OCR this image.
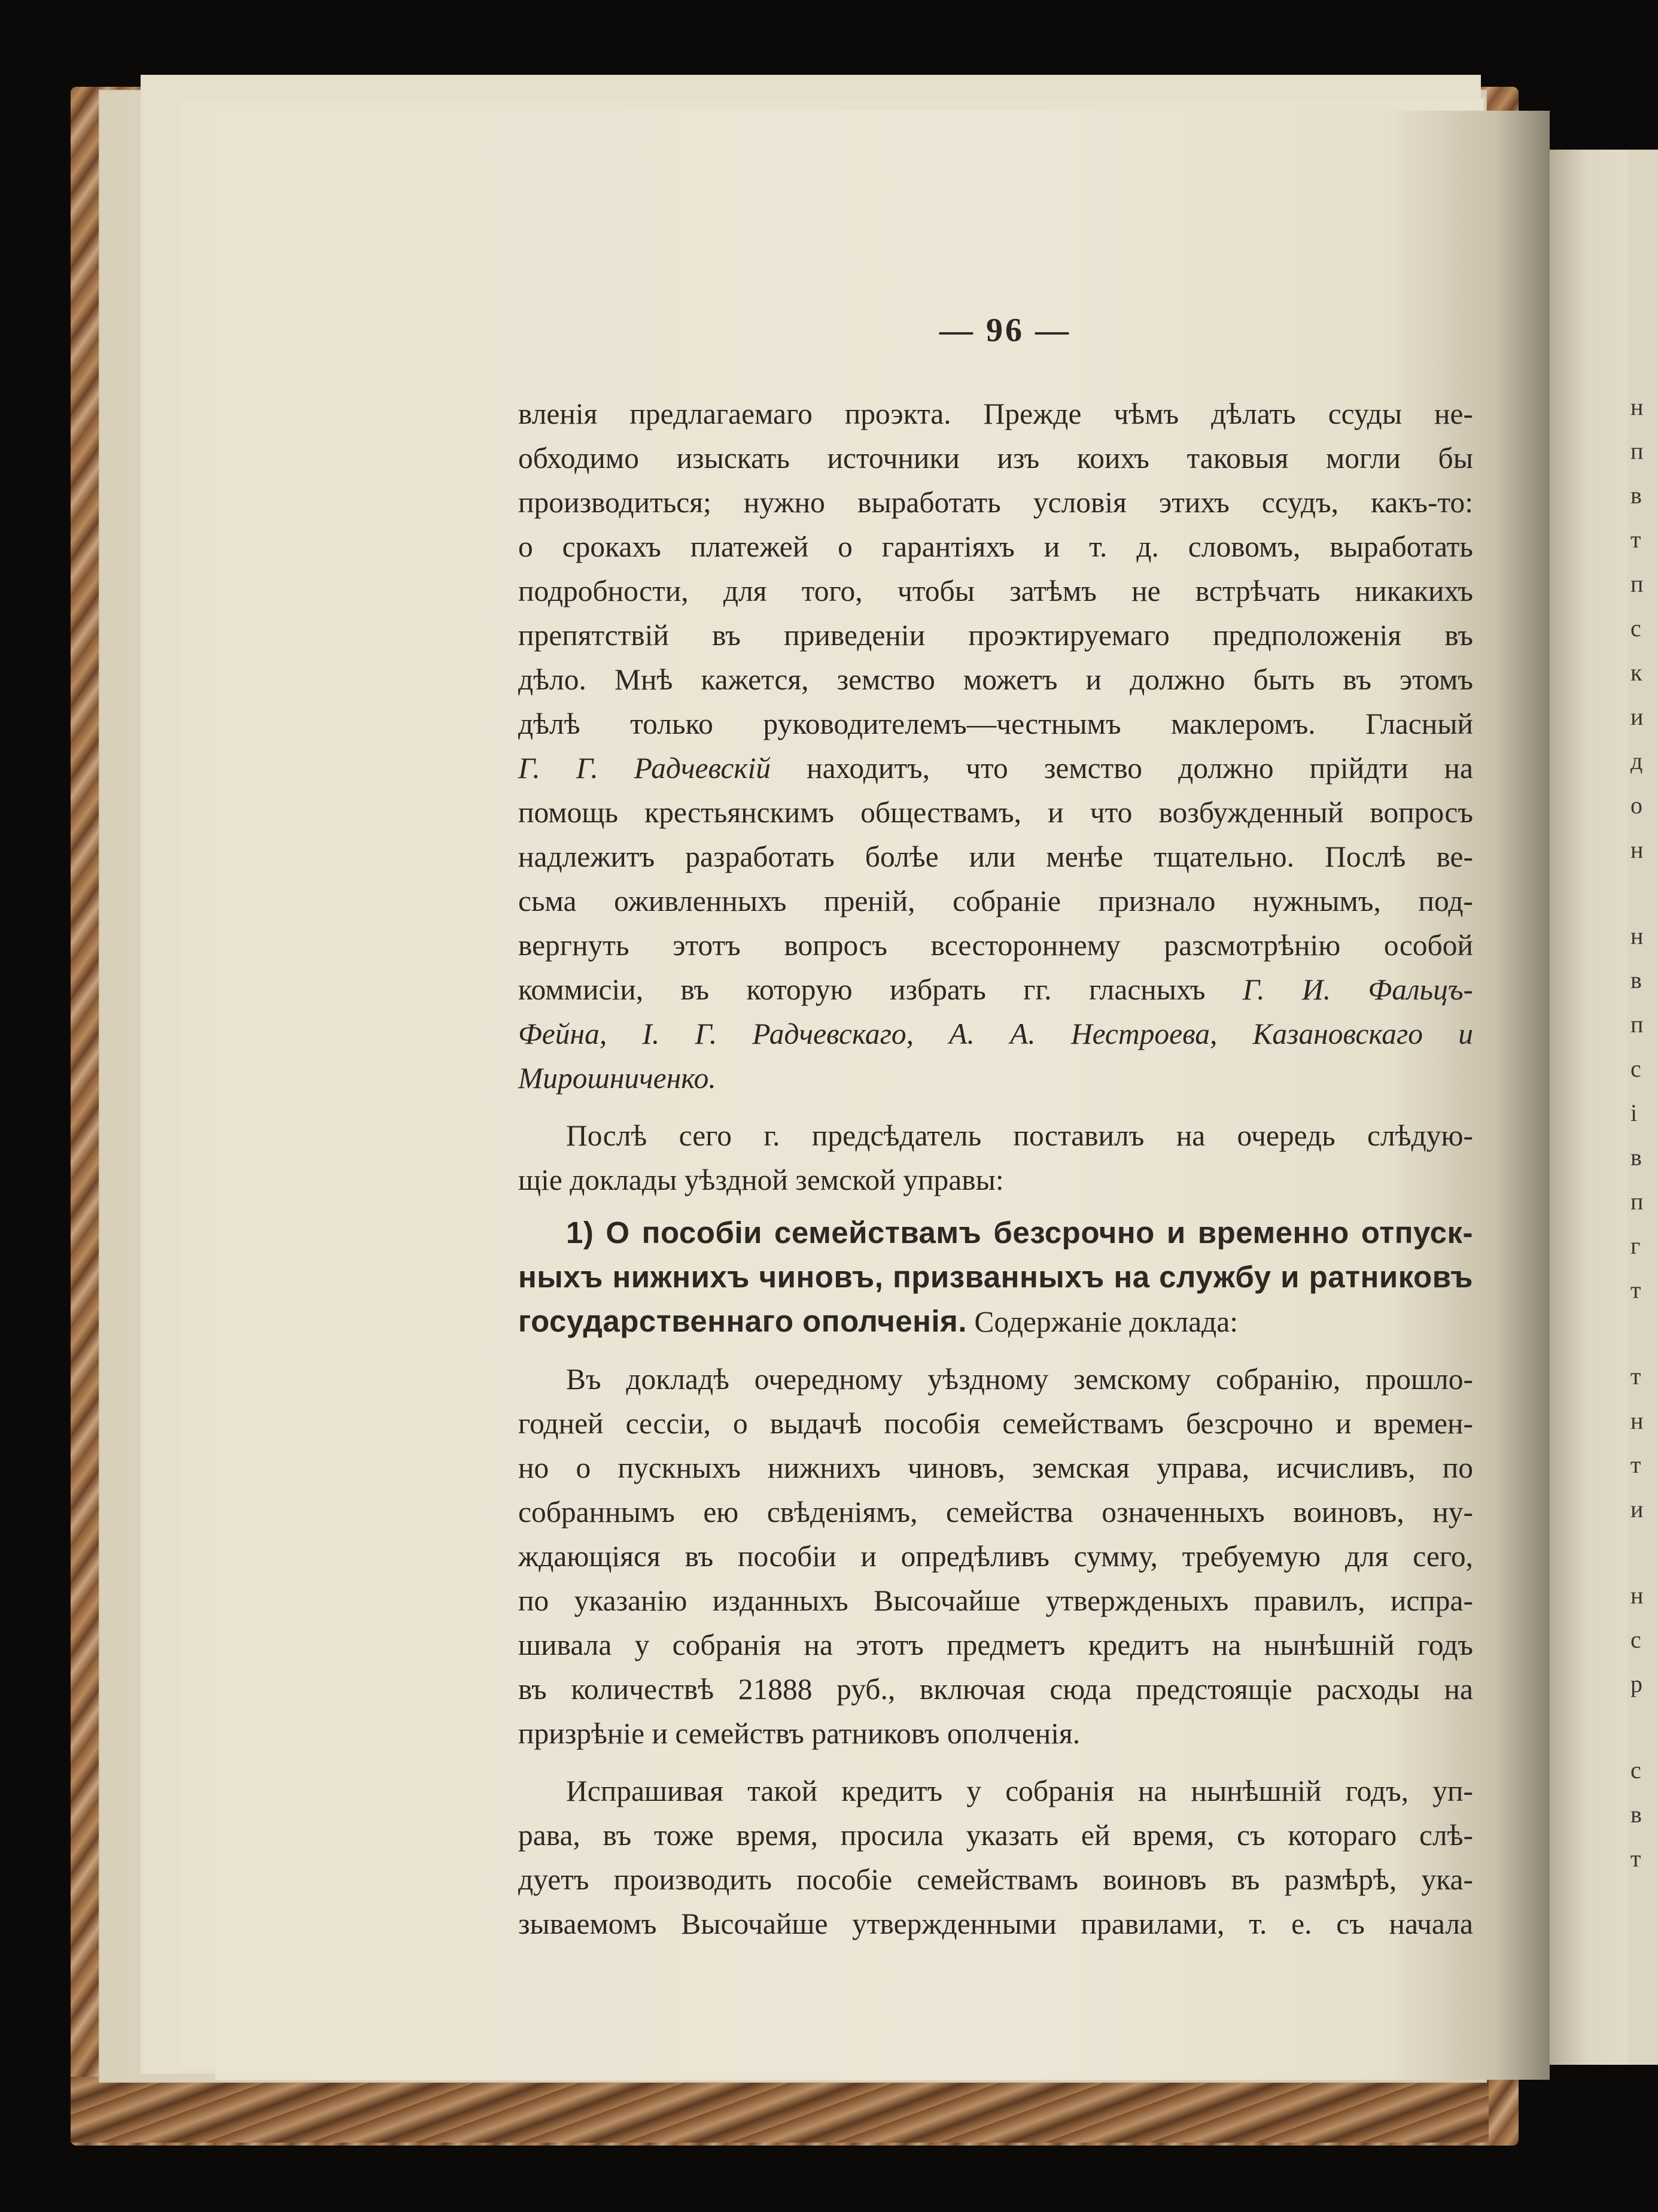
н
п
в
т
п
с
к
и
д
о
н
н
в
п
с
і
в
п
г
т
т
н
т
и
н
с
р
с
в
т
— 96 —
вленія предлагаемаго проэкта. Прежде чѣмъ дѣлать ссуды не-
обходимо изыскать источники изъ коихъ таковыя могли бы
производиться; нужно выработать условія этихъ ссудъ, какъ-то:
о срокахъ платежей о гарантіяхъ и т. д. словомъ, выработать
подробности, для того, чтобы затѣмъ не встрѣчать никакихъ
препятствій въ приведеніи проэктируемаго предположенія въ
дѣло. Мнѣ кажется, земство можетъ и должно быть въ этомъ
дѣлѣ только руководителемъ—честнымъ маклеромъ. Гласный
Г. Г. Радчевскій находитъ, что земство должно прійдти на
помощь крестьянскимъ обществамъ, и что возбужденный вопросъ
надлежитъ разработать болѣе или менѣе тщательно. Послѣ ве-
сьма оживленныхъ преній, собраніе признало нужнымъ, под-
вергнуть этотъ вопросъ всестороннему разсмотрѣнію особой
коммисіи, въ которую избрать гг. гласныхъ Г. И. Фальцъ-
Фейна, І. Г. Радчевскаго, А. А. Нестроева, Казановскаго и
Мирошниченко.
Послѣ сего г. предсѣдатель поставилъ на очередь слѣдую-
щіе доклады уѣздной земской управы:
1) О пособіи семействамъ безсрочно и временно отпуск-
ныхъ нижнихъ чиновъ, призванныхъ на службу и ратниковъ
государственнаго ополченія. Содержаніе доклада:
Въ докладѣ очередному уѣздному земскому собранію, прошло-
годней сессіи, о выдачѣ пособія семействамъ безсрочно и времен-
но о пускныхъ нижнихъ чиновъ, земская управа, исчисливъ, по
собраннымъ ею свѣденіямъ, семейства означенныхъ воиновъ, ну-
ждающіяся въ пособіи и опредѣливъ сумму, требуемую для сего,
по указанію изданныхъ Высочайше утвержденыхъ правилъ, испра-
шивала у собранія на этотъ предметъ кредитъ на нынѣшній годъ
въ количествѣ 21888 руб., включая сюда предстоящіе расходы на
призрѣніе и семействъ ратниковъ ополченія.
Испрашивая такой кредитъ у собранія на нынѣшній годъ, уп-
рава, въ тоже время, просила указать ей время, съ котораго слѣ-
дуетъ производить пособіе семействамъ воиновъ въ размѣрѣ, ука-
зываемомъ Высочайше утвержденными правилами, т. е. съ начала
